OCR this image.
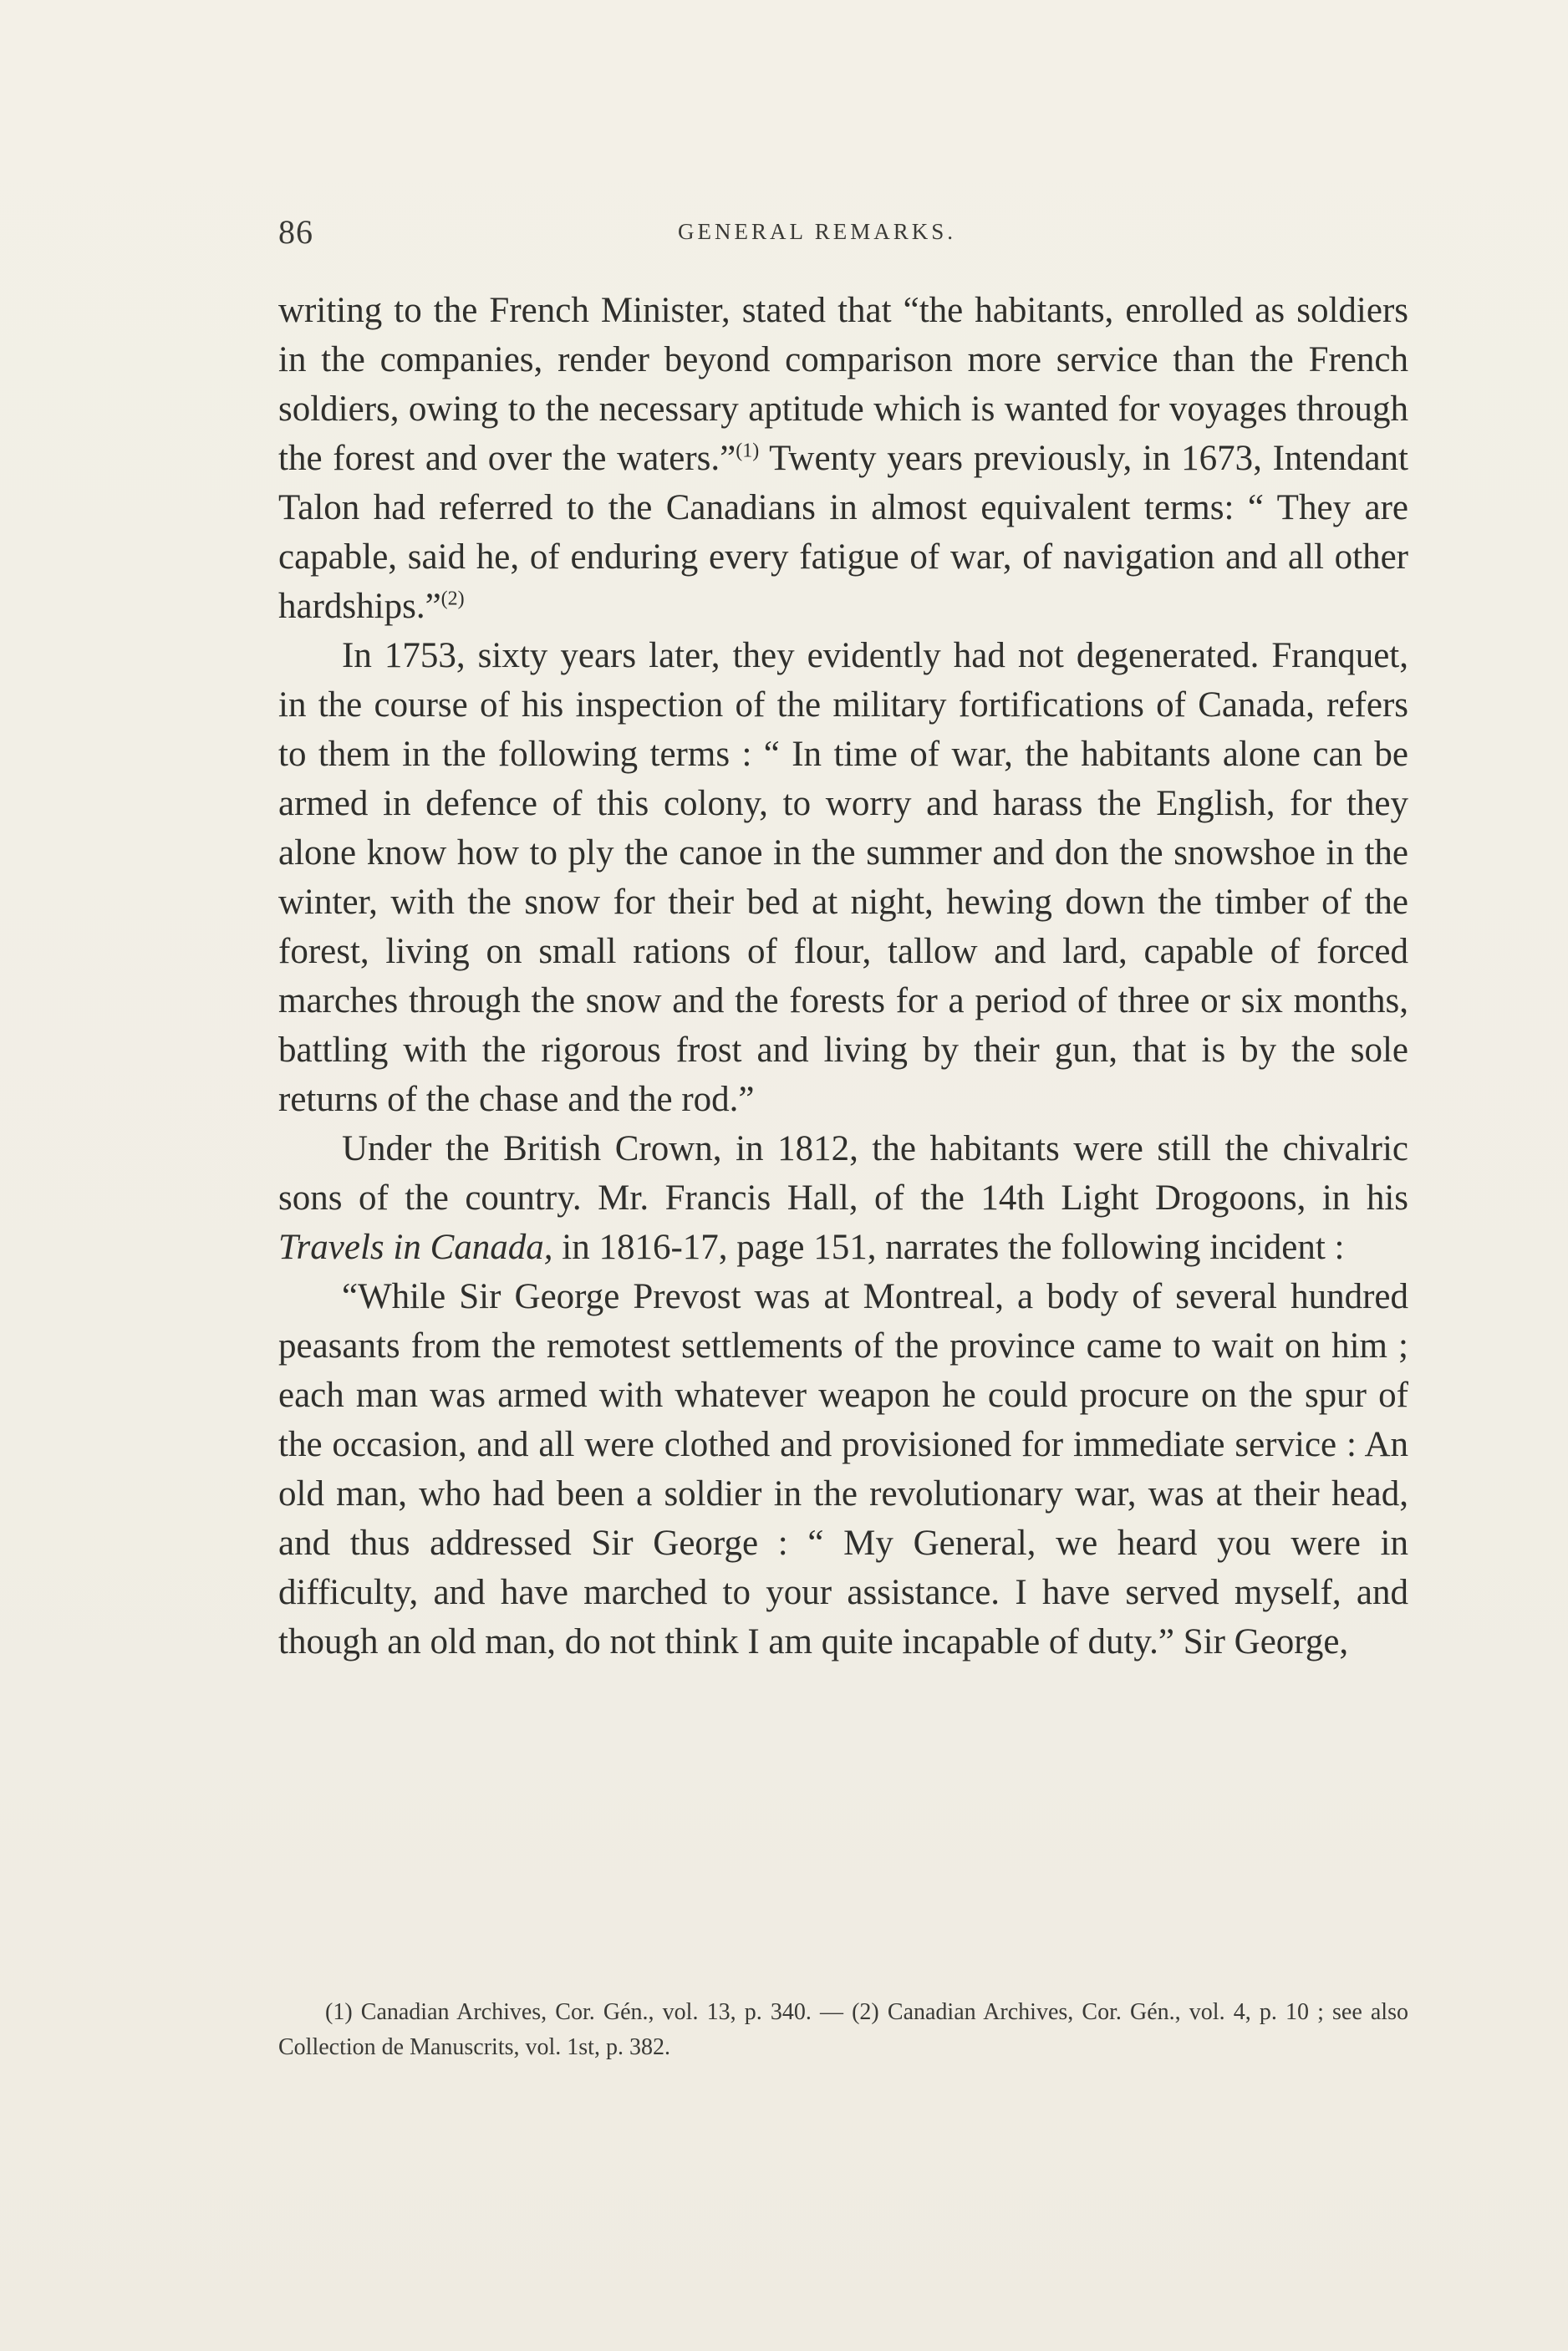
86	GENERAL REMARKS.

writing to the French Minister, stated that “the habitants, enrolled as soldiers in the companies, render beyond comparison more service than the French soldiers, owing to the necessary aptitude which is wanted for voyages through the forest and over the waters.”$^{(1)}$ Twenty years previously, in 1673, Intendant Talon had referred to the Canadians in almost equivalent terms: “ They are capable, said he, of enduring every fatigue of war, of navigation and all other hardships.”$^{(2)}$

In 1753, sixty years later, they evidently had not degenerated. Franquet, in the course of his inspection of the military fortifications of Canada, refers to them in the following terms : “ In time of war, the habitants alone can be armed in defence of this colony, to worry and harass the English, for they alone know how to ply the canoe in the summer and don the snowshoe in the winter, with the snow for their bed at night, hewing down the timber of the forest, living on small rations of flour, tallow and lard, capable of forced marches through the snow and the forests for a period of three or six months, battling with the rigorous frost and living by their gun, that is by the sole returns of the chase and the rod.”

Under the British Crown, in 1812, the habitants were still the chivalric sons of the country. Mr. Francis Hall, of the 14th Light Drogoons, in his Travels in Canada, in 1816-17, page 151, narrates the following incident :

“While Sir George Prevost was at Montreal, a body of several hundred peasants from the remotest settlements of the province came to wait on him ; each man was armed with whatever weapon he could procure on the spur of the occasion, and all were clothed and provisioned for immediate service : An old man, who had been a soldier in the revolutionary war, was at their head, and thus addressed Sir George : “ My General, we heard you were in difficulty, and have marched to your assistance. I have served myself, and though an old man, do not think I am quite incapable of duty.” Sir George,

(1) Canadian Archives, Cor. Gén., vol. 13, p. 340. — (2) Canadian Archives, Cor. Gén., vol. 4, p. 10 ; see also Collection de Manuscrits, vol. 1st, p. 382.
